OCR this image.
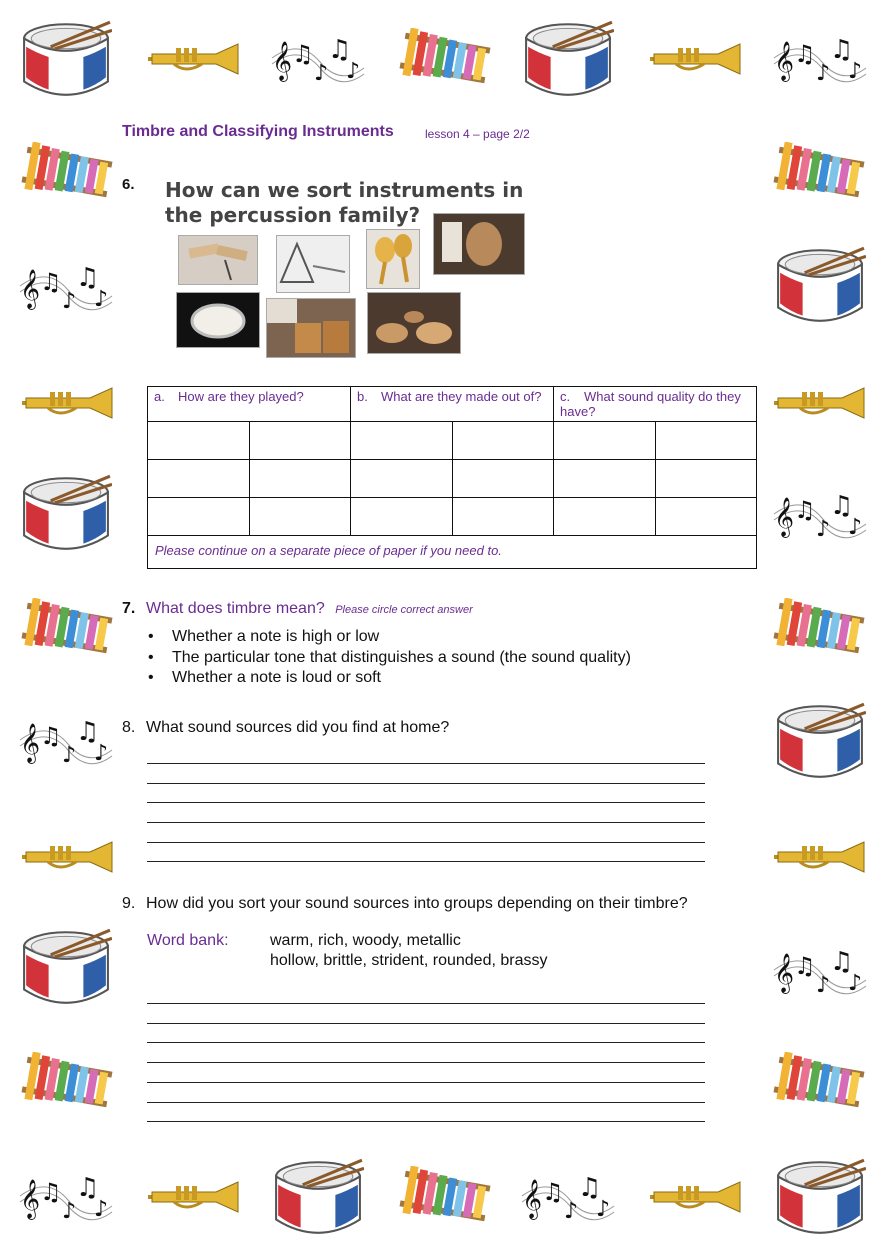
Timbre and Classifying Instruments	lesson 4 – page 2/2
6. How can we sort instruments in the percussion family?
a. How are they played?		b. What are they made out of?		c. What sound quality do they have?	

Please continue on a separate piece of paper if you need to.					
7. What does timbre mean? Please circle correct answer
• Whether a note is high or low
• The particular tone that distinguishes a sound (the sound quality)
• Whether a note is loud or soft
8. What sound sources did you find at home?
9. How did you sort your sound sources into groups depending on their timbre?
Word bank:	warm, rich, woody, metallic
hollow, brittle, strident, rounded, brassy
